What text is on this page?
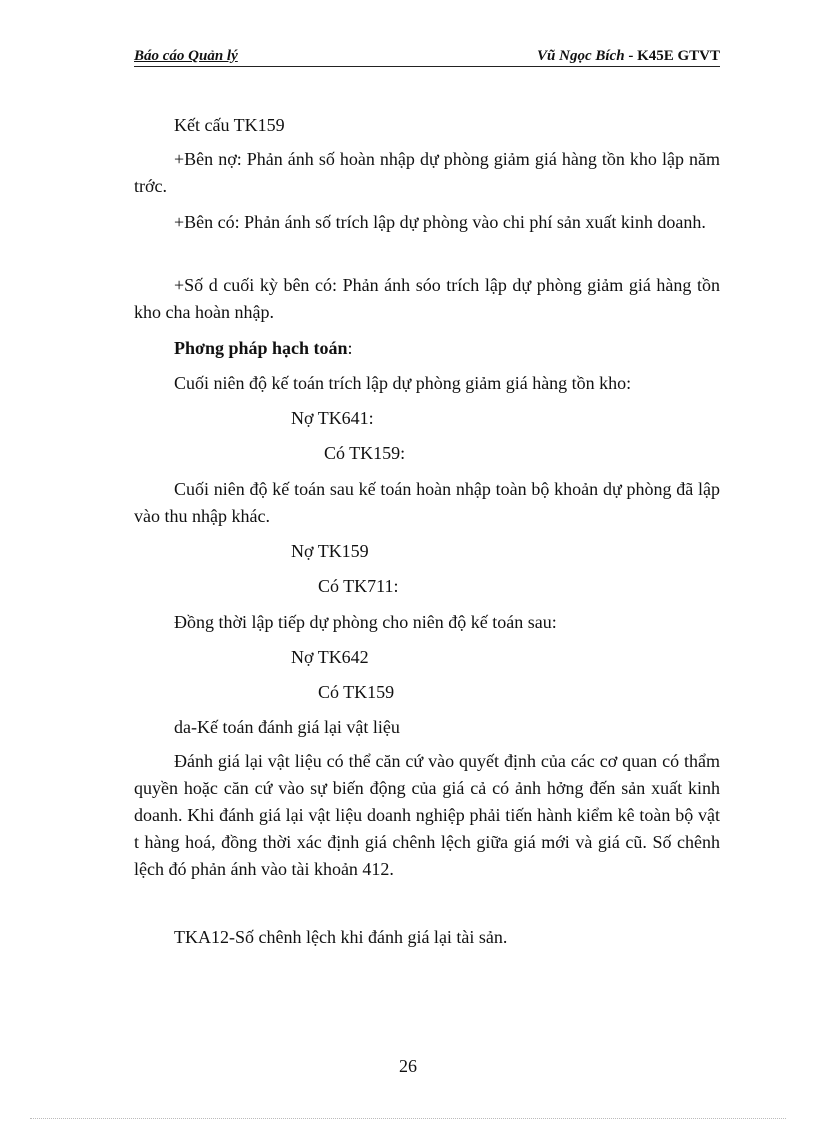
Báo cáo Quản lý	Vũ Ngọc Bích - K45E GTVT

Kết cấu TK159

+Bên nợ: Phản ánh số hoàn nhập dự phòng giảm giá hàng tồn kho lập năm trớc.

+Bên có: Phản ánh số trích lập dự phòng vào chi phí sản xuất kinh doanh.

+Số d cuối kỳ bên có: Phản ánh sóo trích lập dự phòng giảm giá hàng tồn kho cha hoàn nhập.

Phơng pháp hạch toán:

Cuối niên độ kế toán trích lập dự phòng giảm giá hàng tồn kho:

Nợ TK641:

Có TK159:

Cuối niên độ kế toán sau kế toán hoàn nhập toàn bộ khoản dự phòng đã lập vào thu nhập khác.

Nợ TK159

Có TK711:

Đồng thời lập tiếp dự phòng cho niên độ kế toán sau:

Nợ TK642

Có TK159

da-Kế toán đánh giá lại vật liệu

Đánh giá lại vật liệu có thể căn cứ vào quyết định của các cơ quan có thẩm quyền hoặc căn cứ vào sự biến động của giá cả có ảnh hởng đến sản xuất kinh doanh. Khi đánh giá lại vật liệu doanh nghiệp phải tiến hành kiểm kê toàn bộ vật t hàng hoá, đồng thời xác định giá chênh lệch giữa giá mới và giá cũ. Số chênh lệch đó phản ánh vào tài khoản 412.

TKA12-Số chênh lệch khi đánh giá lại tài sản.

26
